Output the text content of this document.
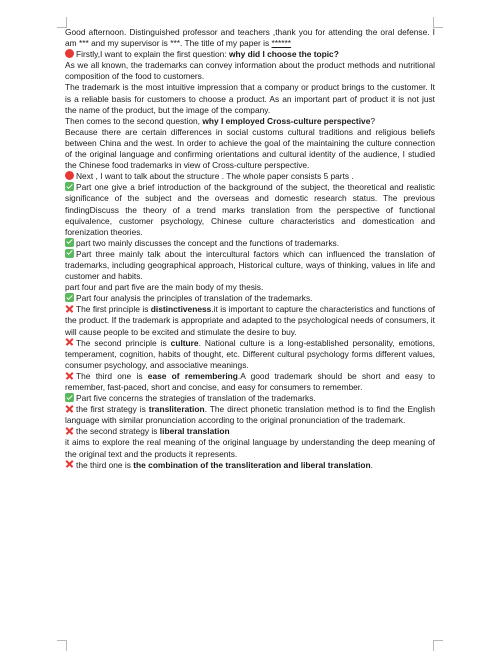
Good afternoon. Distinguished professor and teachers ,thank you for attending the oral defense. I am *** and my supervisor is ***. The title of my paper is ******

Firstly,I want to explain the first question: why did I choose the topic?

As we all known, the trademarks can convey information about the product methods and nutritional composition of the food to customers.

The trademark is the most intuitive impression that a company or product brings to the customer. It is a reliable basis for customers to choose a product. As an important part of product it is not just the name of the product, but the image of the company.

Then comes to the second question, why I employed Cross-culture perspective?

Because there are certain differences in social customs cultural traditions and religious beliefs between China and the west. In order to achieve the goal of the maintaining the culture connection of the original language and confirming orientations and cultural identity of the audience, I studied the Chinese food trademarks in view of Cross-culture perspective.

Next , I want to talk about the structure . The whole paper consists 5 parts .

Part one give a brief introduction of the background of the subject, the theoretical and realistic significance of the subject and the overseas and domestic research status. The previous findingDiscuss the theory of a trend marks translation from the perspective of functional equivalence, customer psychology, Chinese culture characteristics and domestication and forenization theories.

part two mainly discusses the concept and the functions of trademarks.

Part three mainly talk about the intercultural factors which can influenced the translation of trademarks, including geographical approach, Historical culture, ways of thinking, values in life and customer and habits.

part four and part five are the main body of my thesis.

Part four analysis the principles of translation of the trademarks.

The first principle is distinctiveness.it is important to capture the characteristics and functions of the product. If the trademark is appropriate and adapted to the psychological needs of consumers, it will cause people to be excited and stimulate the desire to buy.

The second principle is culture. National culture is a long-established personality, emotions, temperament, cognition, habits of thought, etc. Different cultural psychology forms different values, consumer psychology, and associative meanings.

The third one is ease of remembering.A good trademark should be short and easy to remember, fast-paced, short and concise, and easy for consumers to remember.

Part five concerns the strategies of translation of the trademarks.

the first strategy is transliteration. The direct phonetic translation method is to find the English language with similar pronunciation according to the original pronunciation of the trademark.

the second strategy is liberal translation

it aims to explore the real meaning of the original language by understanding the deep meaning of the original text and the products it represents.

the third one is the combination of the transliteration and liberal translation.
